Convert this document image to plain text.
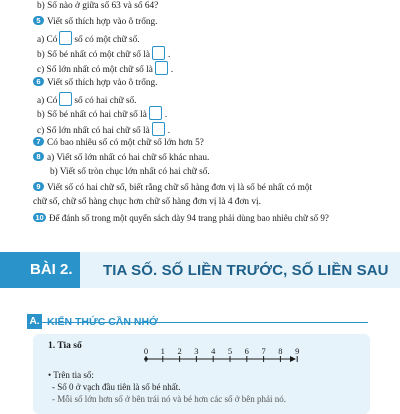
b) Số nào ở giữa số 63 và số 64?
5 Viết số thích hợp vào ô trống.
a) Có số có một chữ số.
b) Số bé nhất có một chữ số là .
c) Số lớn nhất có một chữ số là .
6 Viết số thích hợp vào ô trống.
a) Có số có hai chữ số.
b) Số bé nhất có hai chữ số là .
c) Số lớn nhất có hai chữ số là .
7 Có bao nhiêu số có một chữ số lớn hơn 5?
8 a) Viết số lớn nhất có hai chữ số khác nhau.
b) Viết số tròn chục lớn nhất có hai chữ số.
9 Viết số có hai chữ số, biết rằng chữ số hàng đơn vị là số bé nhất có một
chữ số, chữ số hàng chục hơn chữ số hàng đơn vị là 4 đơn vị.
10 Để đánh số trong một quyển sách dày 94 trang phải dùng bao nhiêu chữ số 9?
BÀI 2. TIA SỐ. SỐ LIỀN TRƯỚC, SỐ LIỀN SAU
A. KIẾN THỨC CẦN NHỚ
1. Tia số	0 1 2 3 4 5 6 7 8 9
• Trên tia số:
- Số 0 ở vạch đầu tiên là số bé nhất.
- Mỗi số lớn hơn số ở bên trái nó và bé hơn các số ở bên phải nó.
